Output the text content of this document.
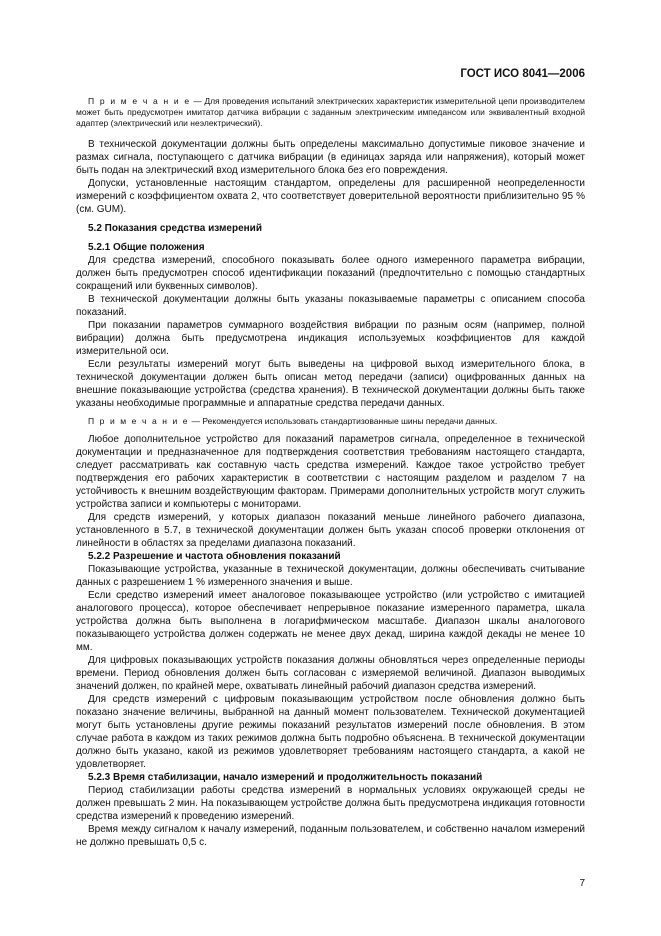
ГОСТ ИСО 8041—2006

П р и м е ч а н и е — Для проведения испытаний электрических характеристик измерительной цепи производителем может быть предусмотрен имитатор датчика вибрации с заданным электрическим импедансом или эквивалентный входной адаптер (электрический или неэлектрический).

В технической документации должны быть определены максимально допустимые пиковое значение и размах сигнала, поступающего с датчика вибрации (в единицах заряда или напряжения), который может быть подан на электрический вход измерительного блока без его повреждения.

Допуски, установленные настоящим стандартом, определены для расширенной неопределенности измерений с коэффициентом охвата 2, что соответствует доверительной вероятности приблизительно 95 % (см. GUM).

5.2 Показания средства измерений

5.2.1 Общие положения

Для средства измерений, способного показывать более одного измеренного параметра вибрации, должен быть предусмотрен способ идентификации показаний (предпочтительно с помощью стандартных сокращений или буквенных символов).

В технической документации должны быть указаны показываемые параметры с описанием способа показаний.

При показании параметров суммарного воздействия вибрации по разным осям (например, полной вибрации) должна быть предусмотрена индикация используемых коэффициентов для каждой измерительной оси.

Если результаты измерений могут быть выведены на цифровой выход измерительного блока, в технической документации должен быть описан метод передачи (записи) оцифрованных данных на внешние показывающие устройства (средства хранения). В технической документации должны быть также указаны необходимые программные и аппаратные средства передачи данных.

П р и м е ч а н и е — Рекомендуется использовать стандартизованные шины передачи данных.

Любое дополнительное устройство для показаний параметров сигнала, определенное в технической документации и предназначенное для подтверждения соответствия требованиям настоящего стандарта, следует рассматривать как составную часть средства измерений. Каждое такое устройство требует подтверждения его рабочих характеристик в соответствии с настоящим разделом и разделом 7 на устойчивость к внешним воздействующим факторам. Примерами дополнительных устройств могут служить устройства записи и компьютеры с мониторами.

Для средств измерений, у которых диапазон показаний меньше линейного рабочего диапазона, установленного в 5.7, в технической документации должен быть указан способ проверки отклонения от линейности в областях за пределами диапазона показаний.

5.2.2 Разрешение и частота обновления показаний

Показывающие устройства, указанные в технической документации, должны обеспечивать считывание данных с разрешением 1 % измеренного значения и выше.

Если средство измерений имеет аналоговое показывающее устройство (или устройство с имитацией аналогового процесса), которое обеспечивает непрерывное показание измеренного параметра, шкала устройства должна быть выполнена в логарифмическом масштабе. Диапазон шкалы аналогового показывающего устройства должен содержать не менее двух декад, ширина каждой декады не менее 10 мм.

Для цифровых показывающих устройств показания должны обновляться через определенные периоды времени. Период обновления должен быть согласован с измеряемой величиной. Диапазон выводимых значений должен, по крайней мере, охватывать линейный рабочий диапазон средства измерений.

Для средств измерений с цифровым показывающим устройством после обновления должно быть показано значение величины, выбранной на данный момент пользователем. Технической документацией могут быть установлены другие режимы показаний результатов измерений после обновления. В этом случае работа в каждом из таких режимов должна быть подробно объяснена. В технической документации должно быть указано, какой из режимов удовлетворяет требованиям настоящего стандарта, а какой не удовлетворяет.

5.2.3 Время стабилизации, начало измерений и продолжительность показаний

Период стабилизации работы средства измерений в нормальных условиях окружающей среды не должен превышать 2 мин. На показывающем устройстве должна быть предусмотрена индикация готовности средства измерений к проведению измерений.

Время между сигналом к началу измерений, поданным пользователем, и собственно началом измерений не должно превышать 0,5 с.

7
